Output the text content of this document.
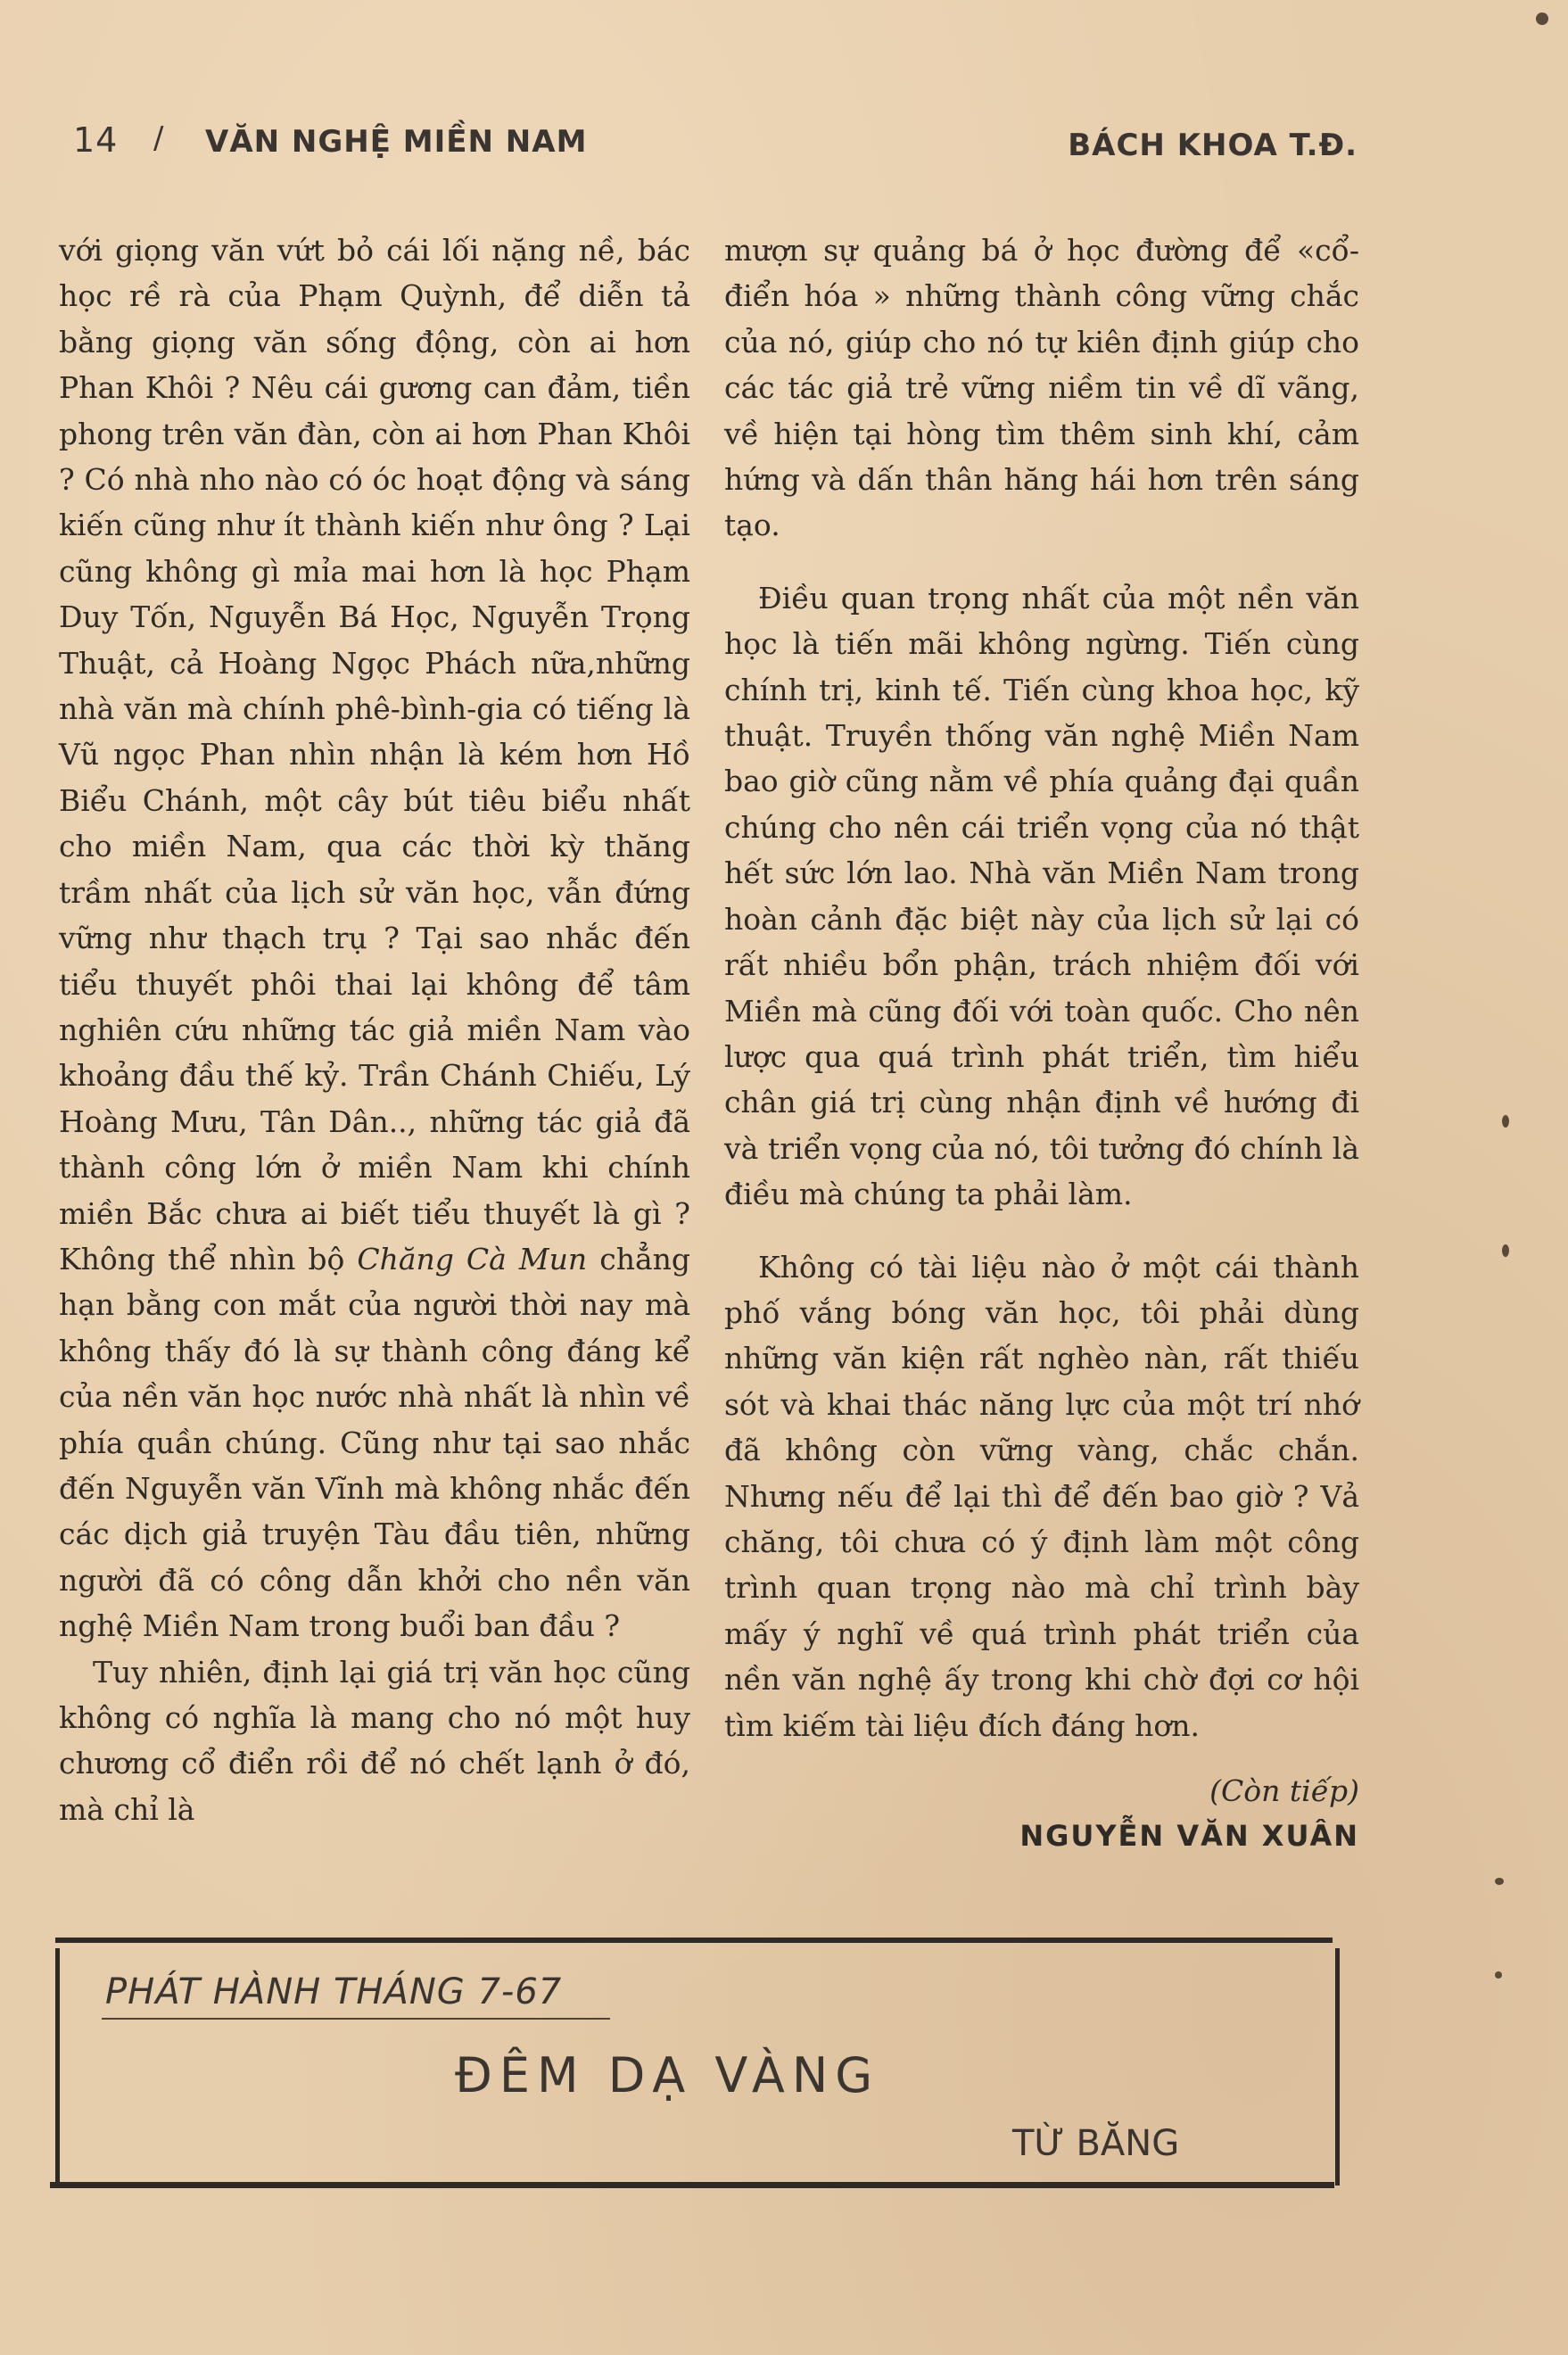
14 / VĂN NGHỆ MIỀN NAM	BÁCH KHOA T.Đ.

với giọng văn vứt bỏ cái lối nặng nề, bác học rề rà của Phạm Quỳnh, để diễn tả bằng giọng văn sống động, còn ai hơn Phan Khôi ? Nêu cái gương can đảm, tiền phong trên văn đàn, còn ai hơn Phan Khôi ? Có nhà nho nào có óc hoạt động và sáng kiến cũng như ít thành kiến như ông ? Lại cũng không gì mỉa mai hơn là học Phạm Duy Tốn, Nguyễn Bá Học, Nguyễn Trọng Thuật, cả Hoàng Ngọc Phách nữa,những nhà văn mà chính phê-bình-gia có tiếng là Vũ ngọc Phan nhìn nhận là kém hơn Hồ Biểu Chánh, một cây bút tiêu biểu nhất cho miền Nam, qua các thời kỳ thăng trầm nhất của lịch sử văn học, vẫn đứng vững như thạch trụ ? Tại sao nhắc đến tiểu thuyết phôi thai lại không để tâm nghiên cứu những tác giả miền Nam vào khoảng đầu thế kỷ. Trần Chánh Chiếu, Lý Hoàng Mưu, Tân Dân.., những tác giả đã thành công lớn ở miền Nam khi chính miền Bắc chưa ai biết tiểu thuyết là gì ? Không thể nhìn bộ Chăng Cà Mun chẳng hạn bằng con mắt của người thời nay mà không thấy đó là sự thành công đáng kể của nền văn học nước nhà nhất là nhìn về phía quần chúng. Cũng như tại sao nhắc đến Nguyễn văn Vĩnh mà không nhắc đến các dịch giả truyện Tàu đầu tiên, những người đã có công dẫn khởi cho nền văn nghệ Miền Nam trong buổi ban đầu ?

Tuy nhiên, định lại giá trị văn học cũng không có nghĩa là mang cho nó một huy chương cổ điển rồi để nó chết lạnh ở đó, mà chỉ là

mượn sự quảng bá ở học đường để «cổ-điển hóa » những thành công vững chắc của nó, giúp cho nó tự kiên định giúp cho các tác giả trẻ vững niềm tin về dĩ vãng, về hiện tại hòng tìm thêm sinh khí, cảm hứng và dấn thân hăng hái hơn trên sáng tạo.

Điều quan trọng nhất của một nền văn học là tiến mãi không ngừng. Tiến cùng chính trị, kinh tế. Tiến cùng khoa học, kỹ thuật. Truyền thống văn nghệ Miền Nam bao giờ cũng nằm về phía quảng đại quần chúng cho nên cái triển vọng của nó thật hết sức lớn lao. Nhà văn Miền Nam trong hoàn cảnh đặc biệt này của lịch sử lại có rất nhiều bổn phận, trách nhiệm đối với Miền mà cũng đối với toàn quốc. Cho nên lược qua quá trình phát triển, tìm hiểu chân giá trị cùng nhận định về hướng đi và triển vọng của nó, tôi tưởng đó chính là điều mà chúng ta phải làm.

Không có tài liệu nào ở một cái thành phố vắng bóng văn học, tôi phải dùng những văn kiện rất nghèo nàn, rất thiếu sót và khai thác năng lực của một trí nhớ đã không còn vững vàng, chắc chắn. Nhưng nếu để lại thì để đến bao giờ ? Vả chăng, tôi chưa có ý định làm một công trình quan trọng nào mà chỉ trình bày mấy ý nghĩ về quá trình phát triển của nền văn nghệ ấy trong khi chờ đợi cơ hội tìm kiếm tài liệu đích đáng hơn.

(Còn tiếp)

NGUYỄN VĂN XUÂN

PHÁT HÀNH THÁNG 7-67
ĐÊM DẠ VÀNG
TỪ BĂNG
